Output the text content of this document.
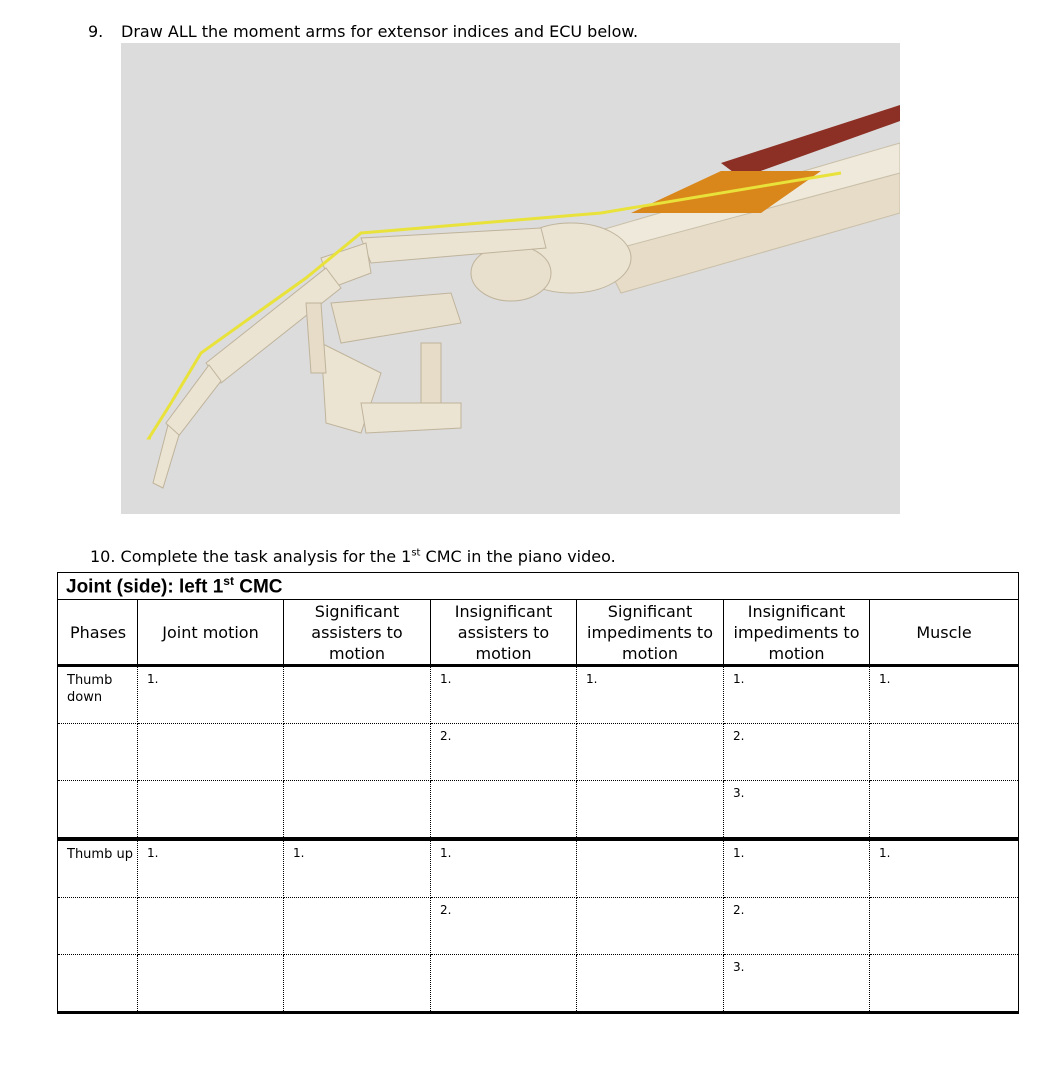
9. Draw ALL the moment arms for extensor indices and ECU below.
10. Complete the task analysis for the 1st CMC in the piano video.
Joint (side): left 1st CMC						
Phases	Joint motion	Significant assisters to motion	Insignificant assisters to motion	Significant impediments to motion	Insignificant impediments to motion	Muscle
Thumb down	1.		1.	1.	1.	1.
			2.		2.	
					3.	
Thumb up	1.	1.	1.		1.	1.
			2.		2.	
					3.	
